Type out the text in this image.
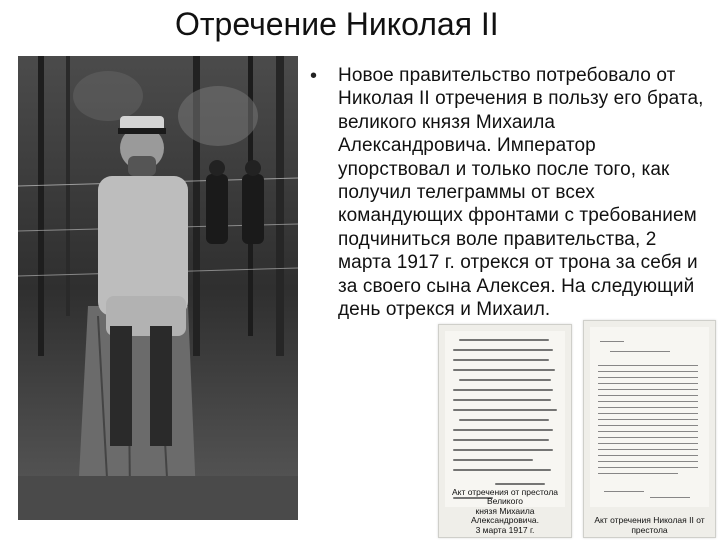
Отречение Николая II
•	Новое правительство потребовало от Николая II отречения в пользу его брата, великого князя Михаила Александровича. Император упорствовал и только после того, как получил телеграммы от всех командующих фронтами с требованием подчиниться воле правительства, 2 марта 1917 г. отрекся от трона за себя и за своего сына Алексея. На следующий день отрекся и Михаил.
Акт отречения от престола Великого
князя Михаила Александровича.
3 марта 1917 г.
Акт отречения Николая II от престола
